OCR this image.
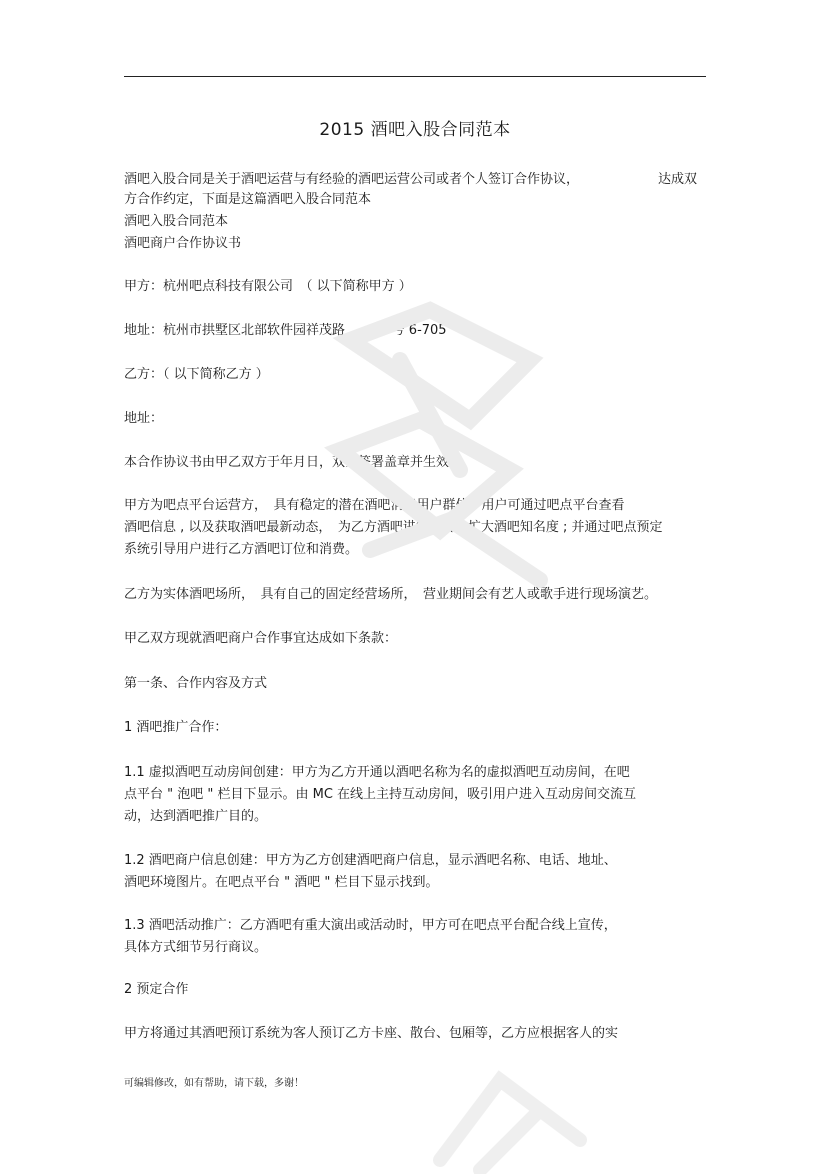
2015 酒吧入股合同范本
酒吧入股合同是关于酒吧运营与有经验的酒吧运营公司或者个人签订合作协议，	达成双
方合作约定，下面是这篇酒吧入股合同范本
酒吧入股合同范本
酒吧商户合作协议书
甲方：杭州吧点科技有限公司　（ 以下简称甲方 ）
地址：杭州市拱墅区北部软件园祥茂路　　99 号 6-705
乙方：（ 以下简称乙方 ）
地址：
本合作协议书由甲乙双方于年月日，双方签署盖章并生效。
甲方为吧点平台运营方，　具有稳定的潜在酒吧消费用户群体，用户可通过吧点平台查看
酒吧信息 , 以及获取酒吧最新动态，　为乙方酒吧进行宣传和扩大酒吧知名度 ; 并通过吧点预定
系统引导用户进行乙方酒吧订位和消费。
乙方为实体酒吧场所，　具有自己的固定经营场所，　营业期间会有艺人或歌手进行现场演艺。
甲乙双方现就酒吧商户合作事宜达成如下条款：
第一条、合作内容及方式
1 酒吧推广合作：
1.1 虚拟酒吧互动房间创建：甲方为乙方开通以酒吧名称为名的虚拟酒吧互动房间，在吧
点平台 " 泡吧 " 栏目下显示。由 MC 在线上主持互动房间，吸引用户进入互动房间交流互
动，达到酒吧推广目的。
1.2 酒吧商户信息创建：甲方为乙方创建酒吧商户信息，显示酒吧名称、电话、地址、
酒吧环境图片。在吧点平台 " 酒吧 " 栏目下显示找到。
1.3 酒吧活动推广：乙方酒吧有重大演出或活动时，甲方可在吧点平台配合线上宣传，
具体方式细节另行商议。
2 预定合作
甲方将通过其酒吧预订系统为客人预订乙方卡座、散台、包厢等，乙方应根据客人的实
可编辑修改，如有帮助，请下载，多谢！
